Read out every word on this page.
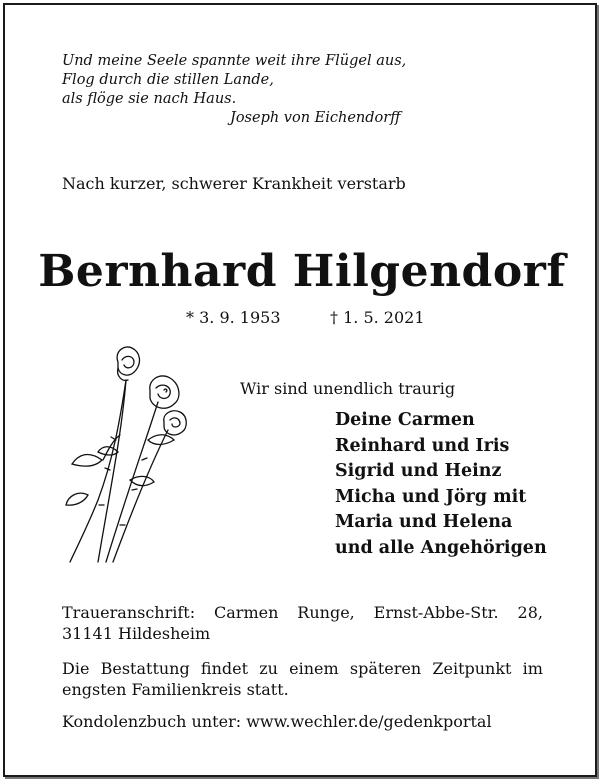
Und meine Seele spannte weit ihre Flügel aus,
Flog durch die stillen Lande,
als flöge sie nach Haus.
Joseph von Eichendorff
Nach kurzer, schwerer Krankheit verstarb
Bernhard Hilgendorf
* 3. 9. 1953	† 1. 5. 2021
Wir sind unendlich traurig
Deine Carmen
Reinhard und Iris
Sigrid und Heinz
Micha und Jörg mit
Maria und Helena
und alle Angehörigen
Traueranschrift: Carmen Runge, Ernst-Abbe-Str. 28,
31141 Hildesheim
Die Bestattung findet zu einem späteren Zeitpunkt im
engsten Familienkreis statt.
Kondolenzbuch unter: www.wechler.de/gedenkportal
